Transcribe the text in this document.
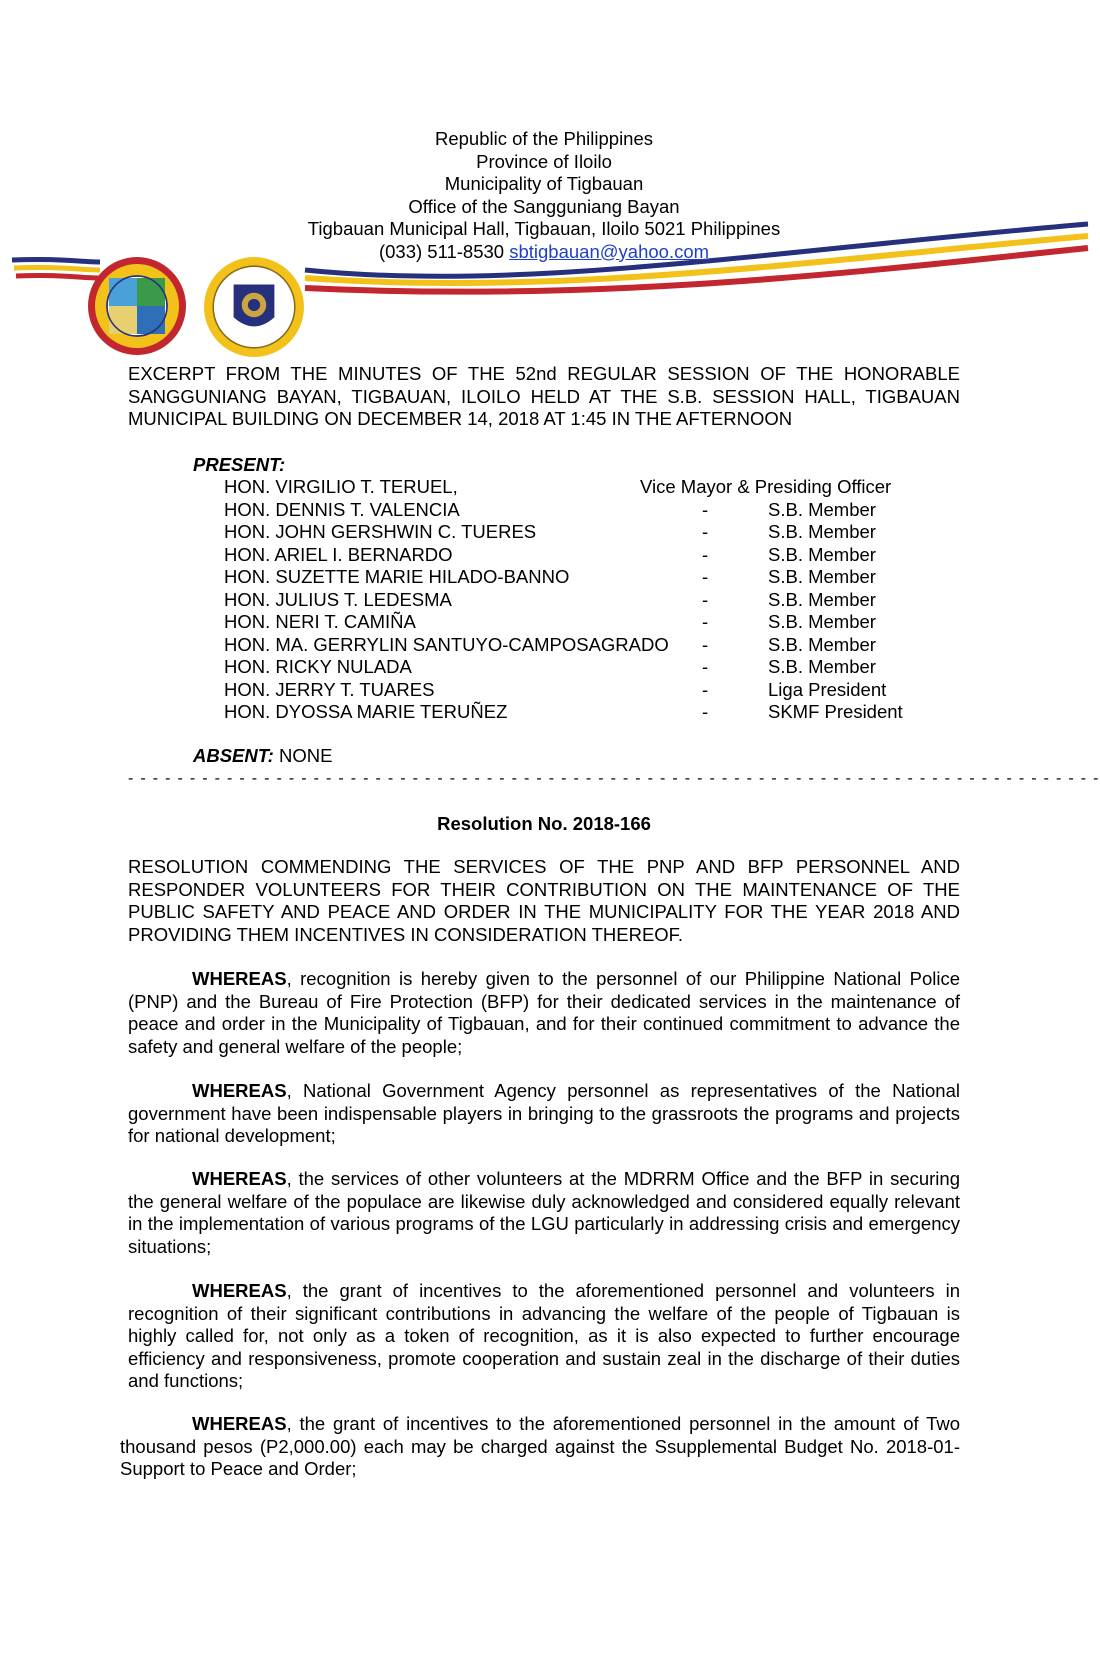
Republic of the Philippines
Province of Iloilo
Municipality of Tigbauan
Office of the Sangguniang Bayan
Tigbauan Municipal Hall, Tigbauan, Iloilo 5021 Philippines
(033) 511-8530 sbtigbauan@yahoo.com
EXCERPT FROM THE MINUTES OF THE 52nd REGULAR SESSION OF THE HONORABLE SANGGUNIANG BAYAN, TIGBAUAN, ILOILO HELD AT THE S.B. SESSION HALL, TIGBAUAN MUNICIPAL BUILDING ON DECEMBER 14, 2018 AT 1:45 IN THE AFTERNOON
PRESENT:
HON. VIRGILIO T. TERUEL,	Vice Mayor & Presiding Officer
HON. DENNIS T. VALENCIA	-	S.B. Member
HON. JOHN GERSHWIN C. TUERES	-	S.B. Member
HON. ARIEL I. BERNARDO	-	S.B. Member
HON. SUZETTE MARIE HILADO-BANNO	-	S.B. Member
HON. JULIUS T. LEDESMA	-	S.B. Member
HON. NERI T. CAMIÑA	-	S.B. Member
HON. MA. GERRYLIN SANTUYO-CAMPOSAGRADO -	S.B. Member
HON. RICKY NULADA	-	S.B. Member
HON. JERRY T. TUARES	-	Liga President
HON. DYOSSA MARIE TERUÑEZ	-	SKMF President
ABSENT: NONE
- - - - - - - - - - - - - - - - - - - - - - - - - - - - - - - - - - - - - - - - - - - - - - - - - - - - - - - - - - - - - - - - - - - - - - - - - - - - - - -
Resolution No. 2018-166
RESOLUTION COMMENDING THE SERVICES OF THE PNP AND BFP PERSONNEL AND RESPONDER VOLUNTEERS FOR THEIR CONTRIBUTION ON THE MAINTENANCE OF THE PUBLIC SAFETY AND PEACE AND ORDER IN THE MUNICIPALITY FOR THE YEAR 2018 AND PROVIDING THEM INCENTIVES IN CONSIDERATION THEREOF.
WHEREAS, recognition is hereby given to the personnel of our Philippine National Police (PNP) and the Bureau of Fire Protection (BFP) for their dedicated services in the maintenance of peace and order in the Municipality of Tigbauan, and for their continued commitment to advance the safety and general welfare of the people;
WHEREAS, National Government Agency personnel as representatives of the National government have been indispensable players in bringing to the grassroots the programs and projects for national development;
WHEREAS, the services of other volunteers at the MDRRM Office and the BFP in securing the general welfare of the populace are likewise duly acknowledged and considered equally relevant in the implementation of various programs of the LGU particularly in addressing crisis and emergency situations;
WHEREAS, the grant of incentives to the aforementioned personnel and volunteers in recognition of their significant contributions in advancing the welfare of the people of Tigbauan is highly called for, not only as a token of recognition, as it is also expected to further encourage efficiency and responsiveness, promote cooperation and sustain zeal in the discharge of their duties and functions;
WHEREAS, the grant of incentives to the aforementioned personnel in the amount of Two thousand pesos (P2,000.00) each may be charged against the Ssupplemental Budget No. 2018-01- Support to Peace and Order;
